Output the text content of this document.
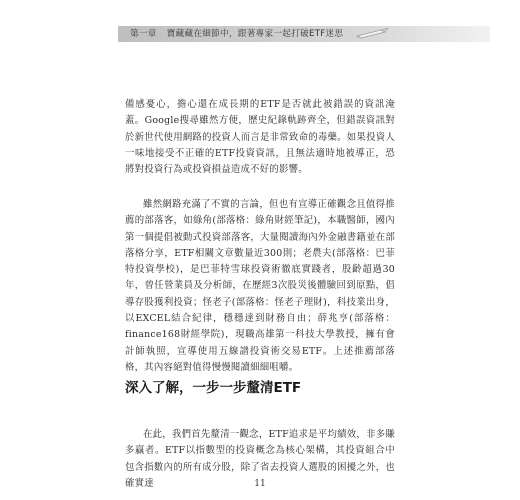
第一章 寶藏藏在細節中，跟著專家一起打破ETF迷思
備感憂心，擔心還在成長期的ETF是否就此被錯誤的資訊淹蓋。Google搜尋雖然方便，歷史紀錄軌跡齊全，但錯誤資訊對於新世代使用網路的投資人而言是非常致命的毒藥。如果投資人一味地接受不正確的ETF投資資訊，且無法適時地被導正，恐將對投資行為或投資損益造成不好的影響。
雖然網路充滿了不實的言論，但也有宣導正確觀念且值得推薦的部落客，如綠角(部落格：綠角財經筆記)，本職醫師，國內第一個提倡被動式投資部落客，大量閱讀海內外金融書籍並在部落格分享，ETF相關文章數量近300則；老農夫(部落格：巴菲特投資學校)，是巴菲特雪球投資術徹底實踐者，股齡超過30年，曾任營業員及分析師，在歷經3次股災後體驗回到原點，倡導存股獲利投資；怪老子(部落格：怪老子理財)，科技業出身，以EXCEL結合紀律，穩穩達到財務自由；薛兆亨(部落格：finance168財經學院)，現職高雄第一科技大學教授，擁有會計師執照，宣導使用五線譜投資術交易ETF。上述推薦部落格，其內容絕對值得慢慢閱讀細細咀嚼。
深入了解，一步一步釐清ETF
在此，我們首先釐清一觀念，ETF追求是平均績效，非多賺多贏者。ETF以指數型的投資概念為核心架構，其投資組合中包含指數內的所有成分股，除了省去投資人選股的困擾之外，也確實達	11
